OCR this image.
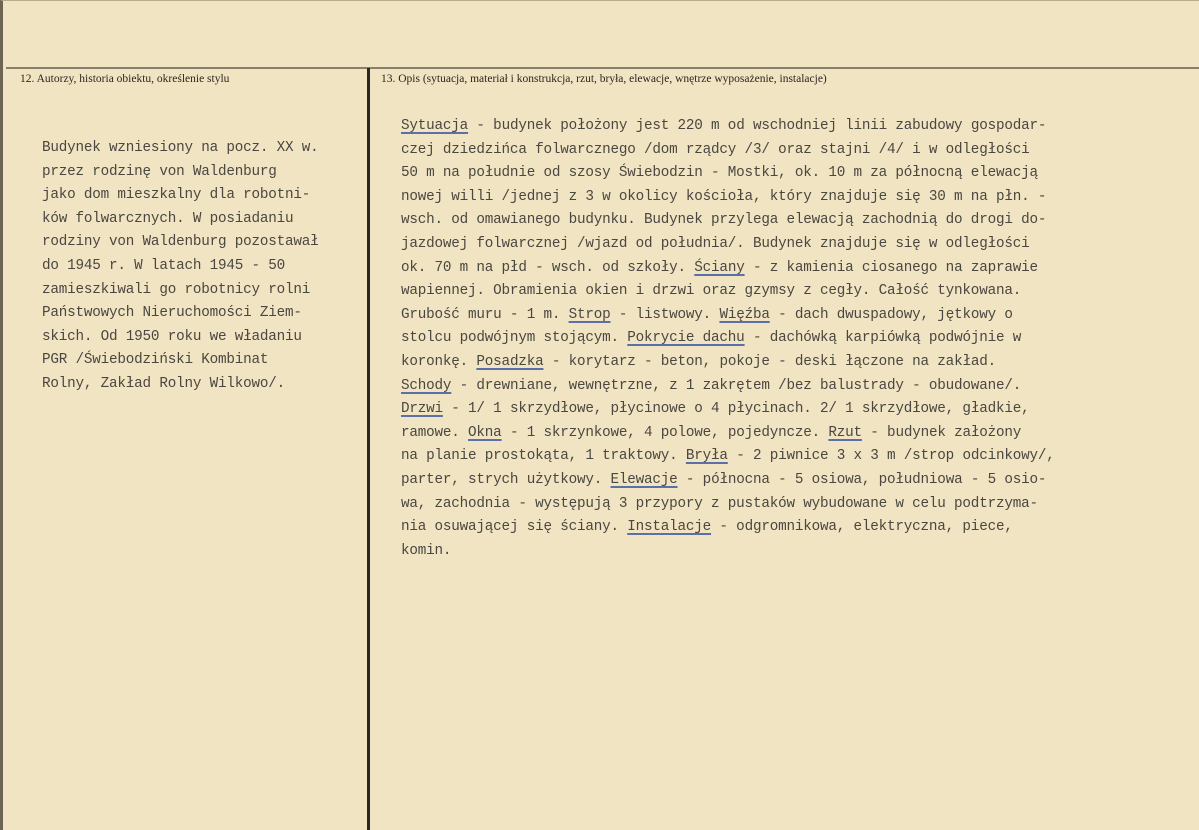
12. Autorzy, historia obiektu, określenie stylu	13. Opis (sytuacja, materiał i konstrukcja, rzut, bryła, elewacje, wnętrze wyposażenie, instalacje)
Budynek wzniesiony na pocz. XX w.
przez rodzinę von Waldenburg
jako dom mieszkalny dla robotni-
ków folwarcznych. W posiadaniu
rodziny von Waldenburg pozostawał
do 1945 r. W latach 1945 - 50
zamieszkiwali go robotnicy rolni
Państwowych Nieruchomości Ziem-
skich. Od 1950 roku we władaniu
PGR /Świebodziński Kombinat
Rolny, Zakład Rolny Wilkowo/.
Sytuacja - budynek położony jest 220 m od wschodniej linii zabudowy gospodar-
czej dziedzińca folwarcznego /dom rządcy /3/ oraz stajni /4/ i w odległości
50 m na południe od szosy Świebodzin - Mostki, ok. 10 m za północną elewacją
nowej willi /jednej z 3 w okolicy kościoła, który znajduje się 30 m na płn. -
wsch. od omawianego budynku. Budynek przylega elewacją zachodnią do drogi do-
jazdowej folwarcznej /wjazd od południa/. Budynek znajduje się w odległości
ok. 70 m na płd - wsch. od szkoły. Ściany - z kamienia ciosanego na zaprawie
wapiennej. Obramienia okien i drzwi oraz gzymsy z cegły. Całość tynkowana.
Grubość muru - 1 m. Strop - listwowy. Więźba - dach dwuspadowy, jętkowy o
stolcu podwójnym stojącym. Pokrycie dachu - dachówką karpiówką podwójnie w
koronkę. Posadzka - korytarz - beton, pokoje - deski łączone na zakład.
Schody - drewniane, wewnętrzne, z 1 zakrętem /bez balustrady - obudowane/.
Drzwi - 1/ 1 skrzydłowe, płycinowe o 4 płycinach. 2/ 1 skrzydłowe, gładkie,
ramowe. Okna - 1 skrzynkowe, 4 polowe, pojedyncze. Rzut - budynek założony
na planie prostokąta, 1 traktowy. Bryła - 2 piwnice 3 x 3 m /strop odcinkowy/,
parter, strych użytkowy. Elewacje - północna - 5 osiowa, południowa - 5 osio-
wa, zachodnia - występują 3 przypory z pustaków wybudowane w celu podtrzyma-
nia osuwającej się ściany. Instalacje - odgromnikowa, elektryczna, piece,
komin.
